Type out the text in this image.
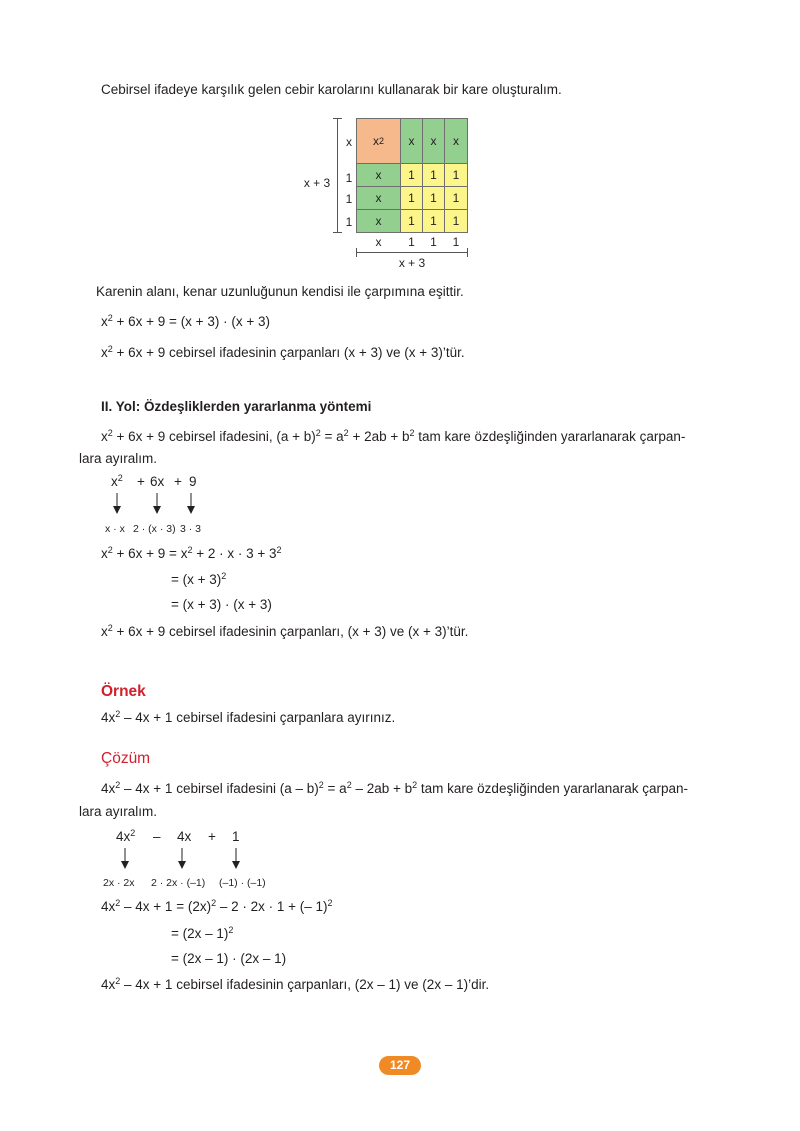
Cebirsel ifadeye karşılık gelen cebir karolarını kullanarak bir kare oluşturalım.
x + 3
x
1
1
1
x 2	x	x	x
x	1	1	1
x	1	1	1
x	1	1	1
x	1	1	1
x + 3
Karenin alanı, kenar uzunluğunun kendisi ile çarpımına eşittir.
$x^2 + 6x + 9 = (x + 3) \cdot (x + 3)$
$x^2 + 6x + 9$ cebirsel ifadesinin çarpanları (x + 3) ve (x + 3)’tür.
II. Yol: Özdeşliklerden yararlanma yöntemi
$x^2 + 6x + 9$ cebirsel ifadesini, $(a + b)^2 = a^2 + 2ab + b^2$ tam kare özdeşliğinden yararlanarak çarpan-
lara ayıralım.
$x^2 + 6x + 9$
x · x 2 · (x · 3) 3 · 3
$x^2 + 6x + 9 = x^2 + 2 \cdot x \cdot 3 + 3^2$
= $(x + 3)^2$
= (x + 3) · (x + 3)
$x^2 + 6x + 9$ cebirsel ifadesinin çarpanları, (x + 3) ve (x + 3)’tür.
Örnek
$4x^2 - 4x + 1$ cebirsel ifadesini çarpanlara ayırınız.
Çözüm
$4x^2 - 4x + 1$ cebirsel ifadesini $(a - b)^2 = a^2 - 2ab + b^2$ tam kare özdeşliğinden yararlanarak çarpan-
lara ayıralım.
$4x^2 - 4x + 1$
2x · 2x 2 · 2x · (–1) (–1) · (–1)
$4x^2 - 4x + 1 = (2x)^2 - 2 \cdot 2x \cdot 1$ + (– 1)$^2$
= (2x – 1)$^2$
= (2x – 1) · (2x – 1)
$4x^2 - 4x + 1$ cebirsel ifadesinin çarpanları, (2x – 1) ve (2x – 1)’dir.
127
